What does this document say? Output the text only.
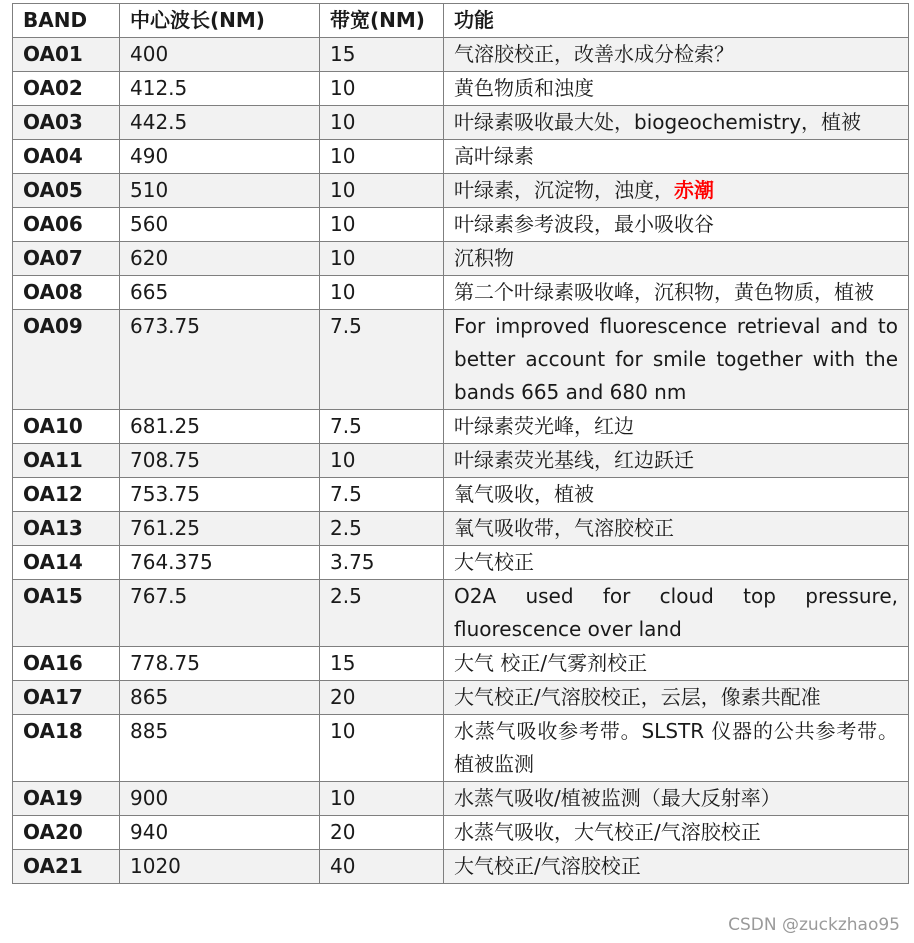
BAND	中心波长(NM)	带宽(NM)	功能
OA01	400	15	气溶胶校正，改善水成分检索？
OA02	412.5	10	黄色物质和浊度
OA03	442.5	10	叶绿素吸收最大处，biogeochemistry，植被
OA04	490	10	高叶绿素
OA05	510	10	叶绿素，沉淀物，浊度，赤潮
OA06	560	10	叶绿素参考波段，最小吸收谷
OA07	620	10	沉积物
OA08	665	10	第二个叶绿素吸收峰，沉积物，黄色物质，植被
OA09	673.75	7.5	For improved fluorescence retrieval and to better account for smile together with the bands 665 and 680 nm
OA10	681.25	7.5	叶绿素荧光峰，红边
OA11	708.75	10	叶绿素荧光基线，红边跃迁
OA12	753.75	7.5	氧气吸收，植被
OA13	761.25	2.5	氧气吸收带，气溶胶校正
OA14	764.375	3.75	大气校正
OA15	767.5	2.5	O2A used for cloud top pressure, fluorescence over land
OA16	778.75	15	大气 校正/气雾剂校正
OA17	865	20	大气校正/气溶胶校正，云层，像素共配准
OA18	885	10	水蒸气吸收参考带。SLSTR 仪器的公共参考带。植被监测
OA19	900	10	水蒸气吸收/植被监测（最大反射率）
OA20	940	20	水蒸气吸收，大气校正/气溶胶校正
OA21	1020	40	大气校正/气溶胶校正
CSDN @zuckzhao95
